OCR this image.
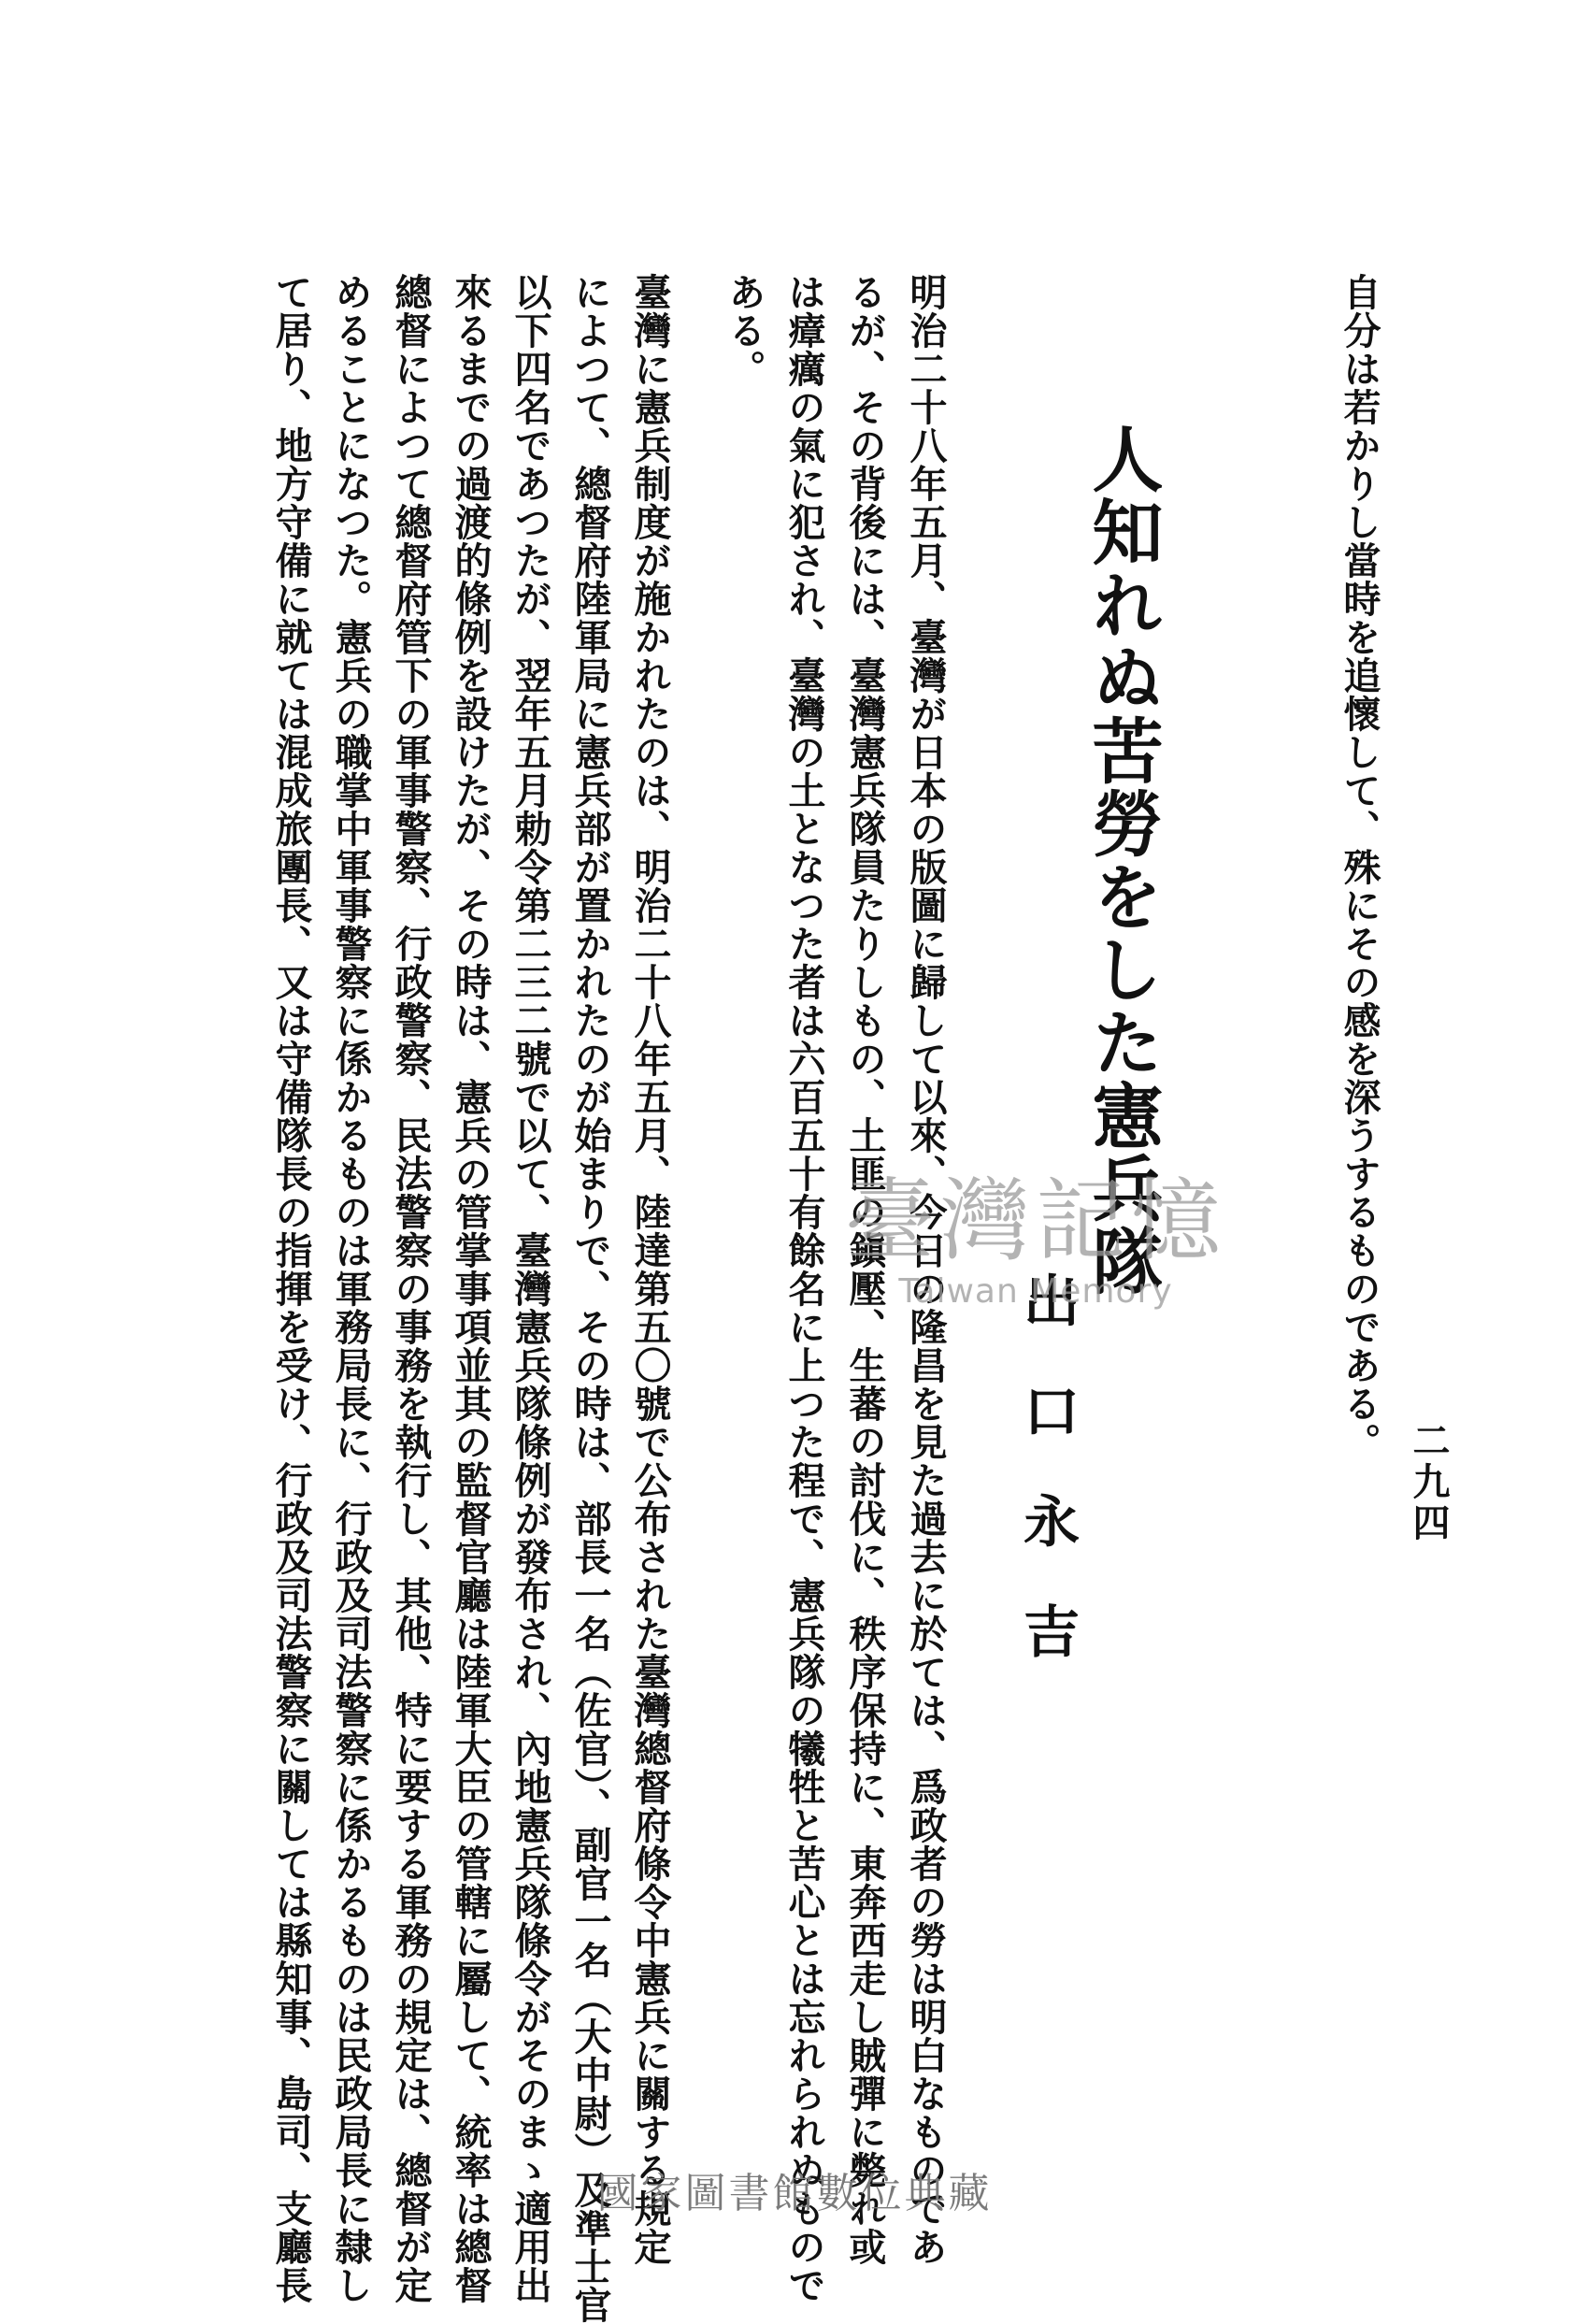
二九四
自分は若かりし當時を追懷して、殊にその感を深うするものである。
人知れぬ苦勞をした憲兵隊
出口永吉
明治二十八年五月、臺灣が日本の版圖に歸して以來、今日の隆昌を見た過去に於ては、爲政者の勞は明白なものであ
るが、その背後には、臺灣憲兵隊員たりしもの、土匪の鎭壓、生蕃の討伐に、秩序保持に、東奔西走し賊彈に斃れ或
は瘴癘の氣に犯され、臺灣の土となつた者は六百五十有餘名に上つた程で、憲兵隊の犧牲と苦心とは忘れられぬもので
ある。
臺灣に憲兵制度が施かれたのは、明治二十八年五月、陸達第五〇號で公布された臺灣總督府條令中憲兵に關する規定
によつて、總督府陸軍局に憲兵部が置かれたのが始まりで、その時は、部長一名（佐官）、副官一名（大中尉）及準士官
以下四名であつたが、翌年五月勅令第二三二號で以て、臺灣憲兵隊條例が發布され、內地憲兵隊條令がそのまゝ適用出
來るまでの過渡的條例を設けたが、その時は、憲兵の管掌事項並其の監督官廳は陸軍大臣の管轄に屬して、統率は總督
總督によつて總督府管下の軍事警察、行政警察、民法警察の事務を執行し、其他、特に要する軍務の規定は、總督が定
めることになつた。憲兵の職掌中軍事警察に係かるものは軍務局長に、行政及司法警察に係かるものは民政局長に隸し
て居り、地方守備に就ては混成旅團長、又は守備隊長の指揮を受け、行政及司法警察に關しては縣知事、島司、支廳長	臺灣記憶
Taiwan Memory
國家圖書館數位典藏
